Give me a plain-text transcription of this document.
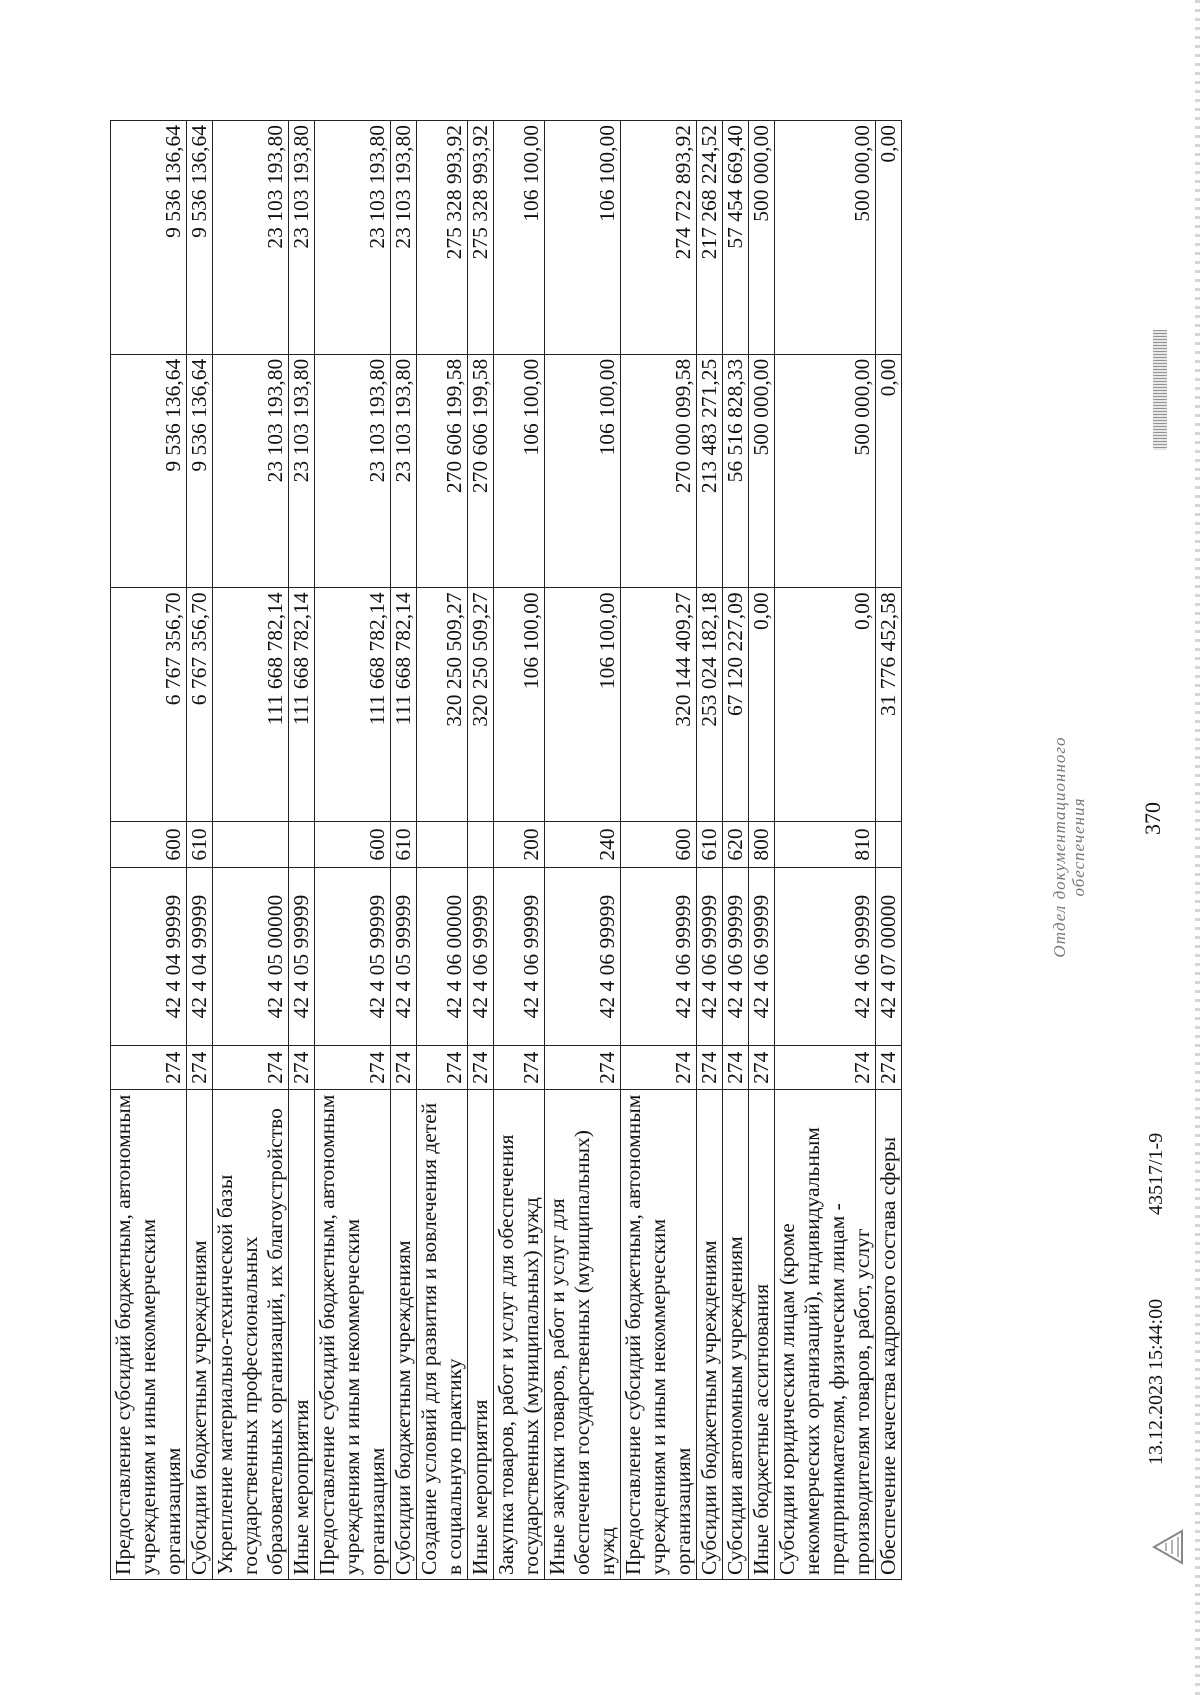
370
Предоставление субсидий бюджетным, автономным учреждениям и иным некоммерческим организациям	274	42 4 04 99999	600	6 767 356,70	9 536 136,64	9 536 136,64
Субсидии бюджетным учреждениям	274	42 4 04 99999	610	6 767 356,70	9 536 136,64	9 536 136,64
Укрепление материально-технической базы государственных профессиональных образовательных организаций, их благоустройство	274	42 4 05 00000		111 668 782,14	23 103 193,80	23 103 193,80
Иные мероприятия	274	42 4 05 99999		111 668 782,14	23 103 193,80	23 103 193,80
Предоставление субсидий бюджетным, автономным учреждениям и иным некоммерческим организациям	274	42 4 05 99999	600	111 668 782,14	23 103 193,80	23 103 193,80
Субсидии бюджетным учреждениям	274	42 4 05 99999	610	111 668 782,14	23 103 193,80	23 103 193,80
Создание условий для развития и вовлечения детей в социальную практику	274	42 4 06 00000		320 250 509,27	270 606 199,58	275 328 993,92
Иные мероприятия	274	42 4 06 99999		320 250 509,27	270 606 199,58	275 328 993,92
Закупка товаров, работ и услуг для обеспечения государственных (муниципальных) нужд	274	42 4 06 99999	200	106 100,00	106 100,00	106 100,00
Иные закупки товаров, работ и услуг для обеспечения государственных (муниципальных) нужд	274	42 4 06 99999	240	106 100,00	106 100,00	106 100,00
Предоставление субсидий бюджетным, автономным учреждениям и иным некоммерческим организациям	274	42 4 06 99999	600	320 144 409,27	270 000 099,58	274 722 893,92
Субсидии бюджетным учреждениям	274	42 4 06 99999	610	253 024 182,18	213 483 271,25	217 268 224,52
Субсидии автономным учреждениям	274	42 4 06 99999	620	67 120 227,09	56 516 828,33	57 454 669,40
Иные бюджетные ассигнования	274	42 4 06 99999	800	0,00	500 000,00	500 000,00
Субсидии юридическим лицам (кроме некоммерческих организаций), индивидуальным предпринимателям, физическим лицам - производителям товаров, работ, услуг	274	42 4 06 99999	810	0,00	500 000,00	500 000,00
Обеспечение качества кадрового состава сферы	274	42 4 07 00000		31 776 452,58	0,00	0,00
13.12.2023 15:44:00
43517/1-9
Отдел документационного обеспечения
